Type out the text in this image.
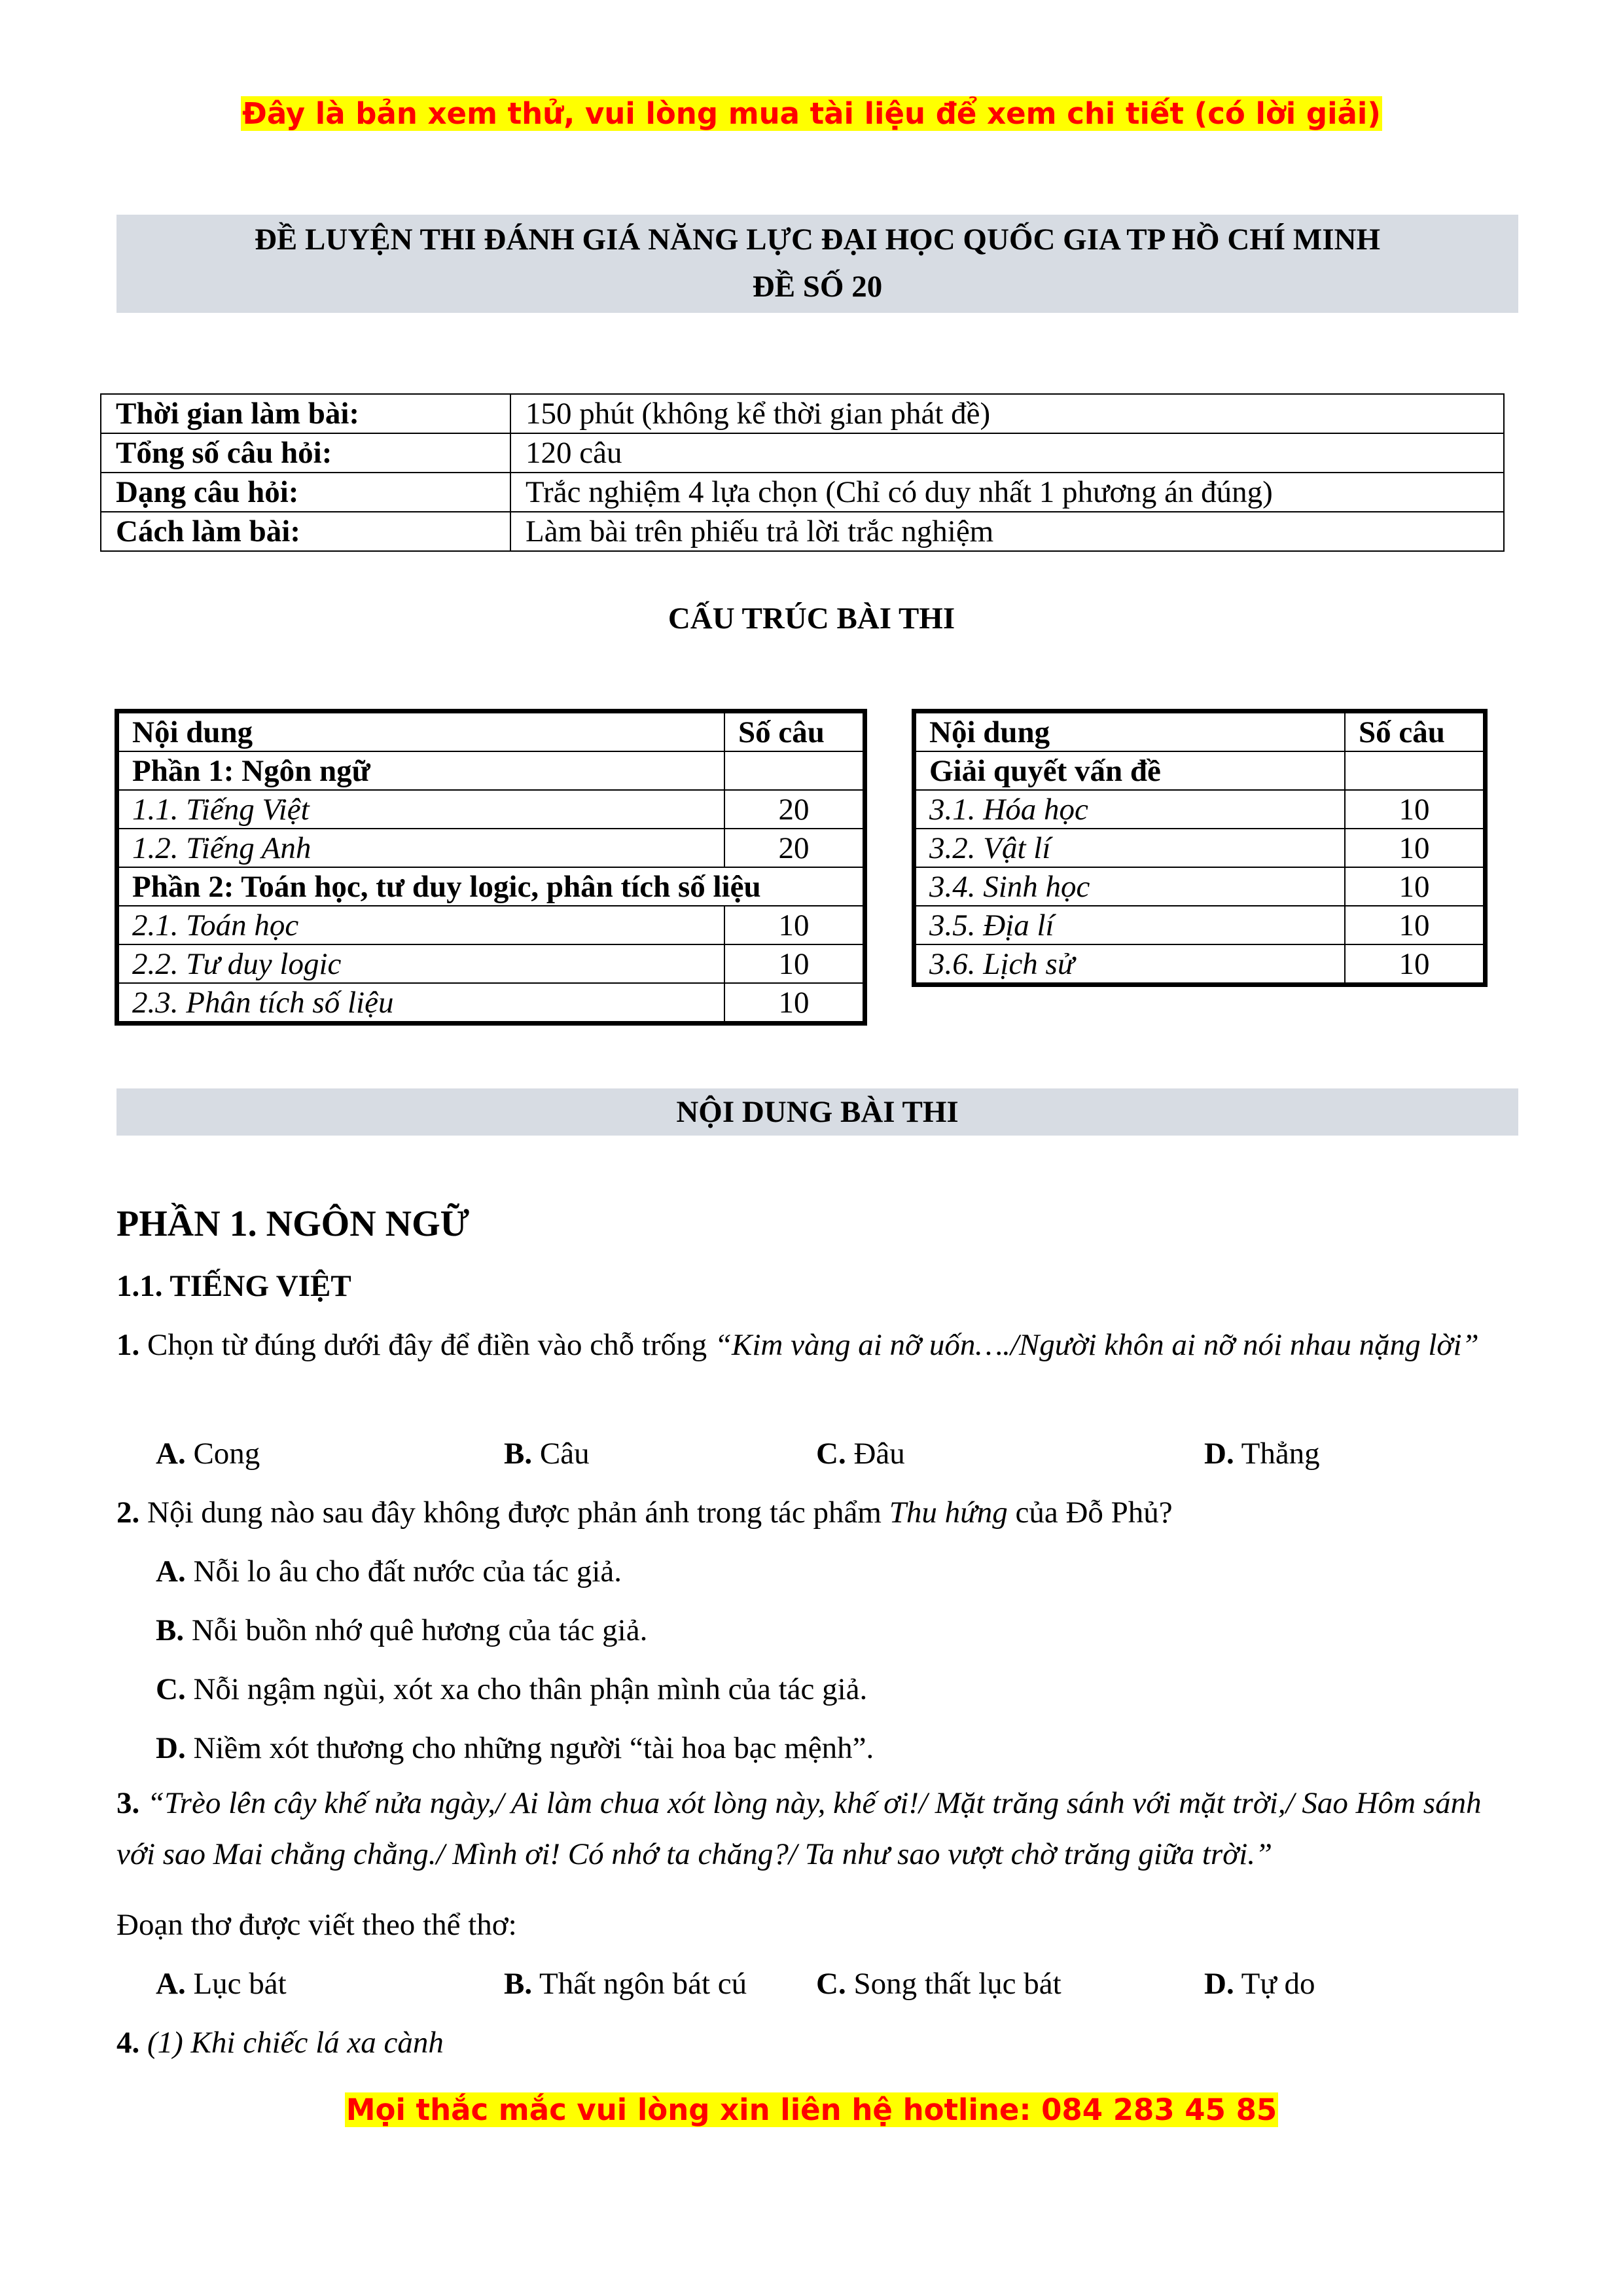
Đây là bản xem thử, vui lòng mua tài liệu để xem chi tiết (có lời giải)
ĐỀ LUYỆN THI ĐÁNH GIÁ NĂNG LỰC ĐẠI HỌC QUỐC GIA TP HỒ CHÍ MINH
ĐỀ SỐ 20
Thời gian làm bài:	150 phút (không kể thời gian phát đề)
Tổng số câu hỏi:	120 câu
Dạng câu hỏi:	Trắc nghiệm 4 lựa chọn (Chỉ có duy nhất 1 phương án đúng)
Cách làm bài:	Làm bài trên phiếu trả lời trắc nghiệm
CẤU TRÚC BÀI THI
Nội dung	Số câu
Phần 1: Ngôn ngữ	
1.1. Tiếng Việt	20
1.2. Tiếng Anh	20
Phần 2: Toán học, tư duy logic, phân tích số liệu	
2.1. Toán học	10
2.2. Tư duy logic	10
2.3. Phân tích số liệu	10
Nội dung	Số câu
Giải quyết vấn đề	
3.1. Hóa học	10
3.2. Vật lí	10
3.4. Sinh học	10
3.5. Địa lí	10
3.6. Lịch sử	10
NỘI DUNG BÀI THI
PHẦN 1. NGÔN NGỮ
1.1. TIẾNG VIỆT
1. Chọn từ đúng dưới đây để điền vào chỗ trống “Kim vàng ai nỡ uốn…./Người khôn ai nỡ nói nhau nặng lời”
A. Cong	B. Câu	C. Đâu	D. Thẳng
2. Nội dung nào sau đây không được phản ánh trong tác phẩm Thu hứng của Đỗ Phủ?
A. Nỗi lo âu cho đất nước của tác giả.
B. Nỗi buồn nhớ quê hương của tác giả.
C. Nỗi ngậm ngùi, xót xa cho thân phận mình của tác giả.
D. Niềm xót thương cho những người “tài hoa bạc mệnh”.
3. “Trèo lên cây khế nửa ngày,/ Ai làm chua xót lòng này, khế ơi!/ Mặt trăng sánh với mặt trời,/ Sao Hôm sánh với sao Mai chằng chằng./ Mình ơi! Có nhớ ta chăng?/ Ta như sao vượt chờ trăng giữa trời.”
Đoạn thơ được viết theo thể thơ:
A. Lục bát	B. Thất ngôn bát cú C. Song thất lục bát	D. Tự do
4. (1) Khi chiếc lá xa cành
Mọi thắc mắc vui lòng xin liên hệ hotline: 084 283 45 85
